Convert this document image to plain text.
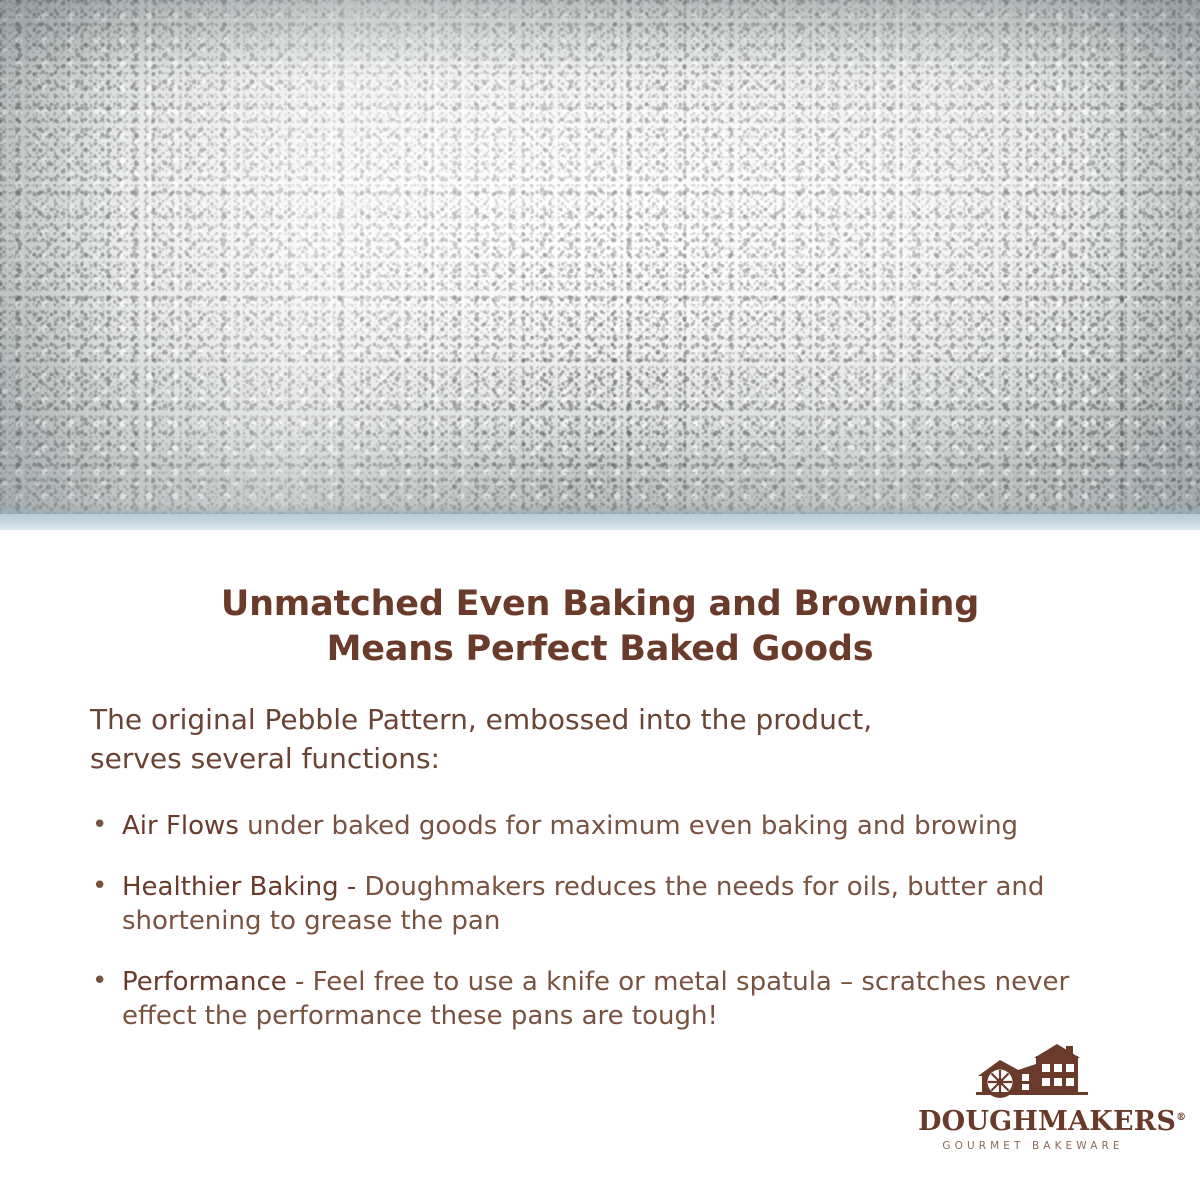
Unmatched Even Baking and Browning
Means Perfect Baked Goods

The original Pebble Pattern, embossed into the product,
serves several functions:

• Air Flows under baked goods for maximum even baking and browing
• Healthier Baking - Doughmakers reduces the needs for oils, butter and shortening to grease the pan
• Performance - Feel free to use a knife or metal spatula – scratches never effect the performance these pans are tough!
DOUGHMAKERS®
GOURMET BAKEWARE
